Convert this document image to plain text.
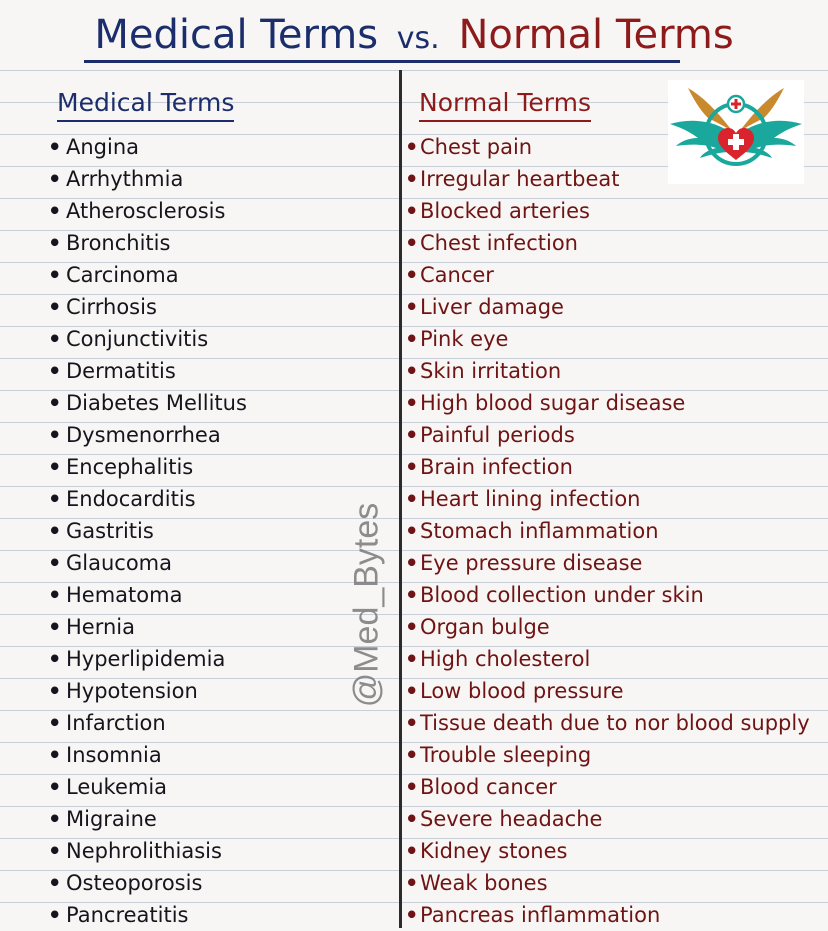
Medical Terms vs. Normal Terms
Medical Terms	Normal Terms
• Angina
• Arrhythmia
• Atherosclerosis
• Bronchitis
• Carcinoma
• Cirrhosis
• Conjunctivitis
• Dermatitis
• Diabetes Mellitus
• Dysmenorrhea
• Encephalitis
• Endocarditis
• Gastritis
• Glaucoma
• Hematoma
• Hernia
• Hyperlipidemia
• Hypotension
• Infarction
• Insomnia
• Leukemia
• Migraine
• Nephrolithiasis
• Osteoporosis
• Pancreatitis
•Chest pain
•Irregular heartbeat
•Blocked arteries
•Chest infection
•Cancer
•Liver damage
•Pink eye
•Skin irritation
•High blood sugar disease
•Painful periods
•Brain infection
•Heart lining infection
•Stomach inflammation
•Eye pressure disease
•Blood collection under skin
•Organ bulge
•High cholesterol
•Low blood pressure
•Tissue death due to nor blood supply
•Trouble sleeping
•Blood cancer
•Severe headache
•Kidney stones
•Weak bones
•Pancreas inflammation
@Med_Bytes
